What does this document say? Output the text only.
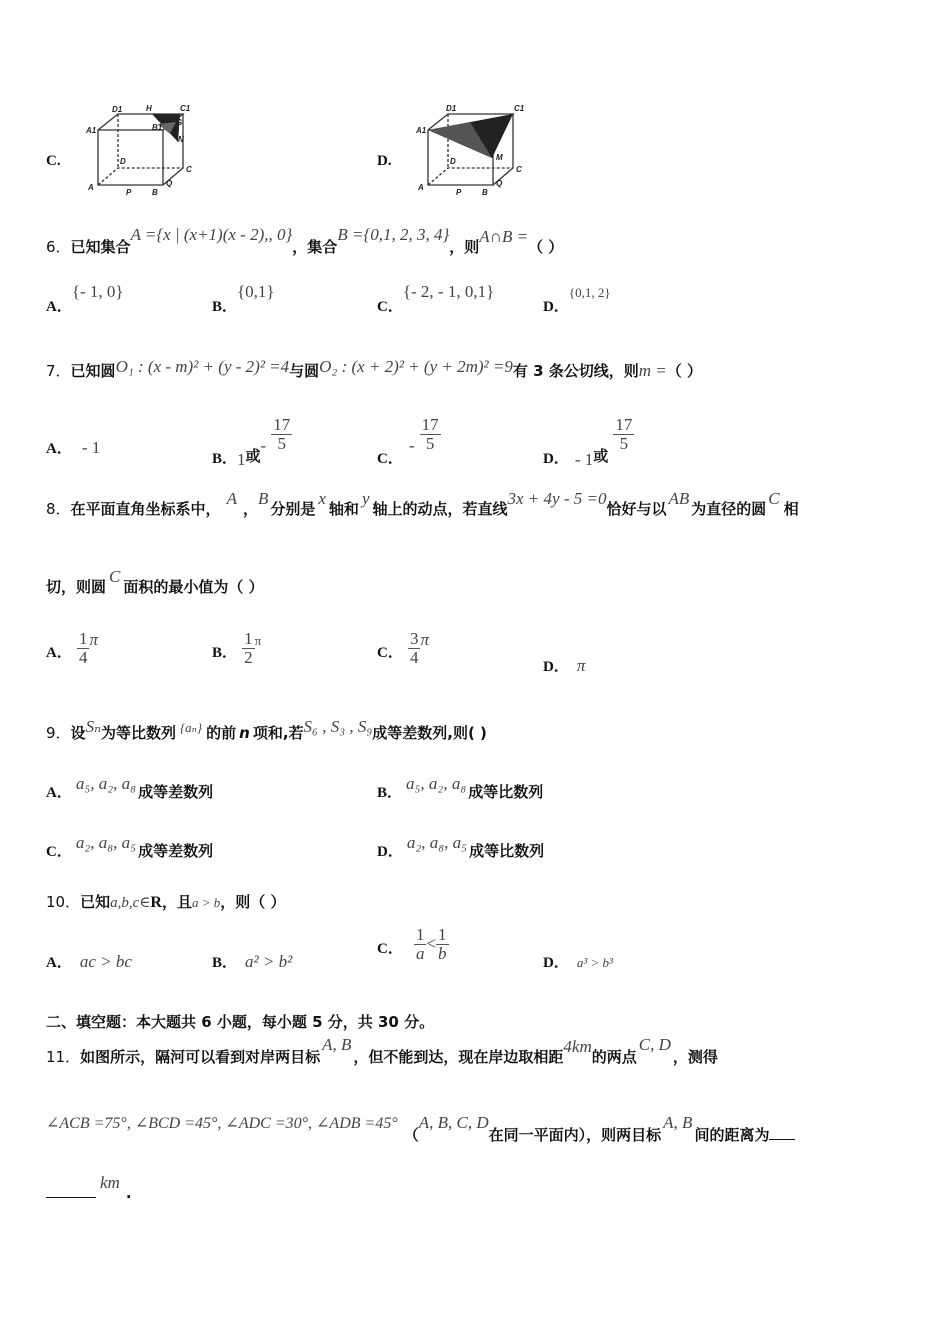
C.
D1	H	C1
A1	B1
G
N
D
C
A
P
Q
B
D.
D1	C1
A1
B1
M
D
C
A
P
Q
B
6．已知集合A ={x | (x+1)(x - 2),, 0}，集合B ={0,1, 2, 3, 4}，则A∩B =（ ）
A．{- 1, 0}
B．{0,1}
C．{- 2, - 1, 0,1}
D．$^{\{0,1, 2\}}$
7．已知圆O₁ : (x - m)² + (y - 2)² =4与圆O₂ : (x + 2)² + (y + 2m)² =9有 3 条公切线，则m =（ ）
A． - 1
B．1或- $\frac{17}{5}$
C．- $\frac{17}{5}$
D． - 1或
$\frac{17}{5}$
8．在平面直角坐标系中，A，B分别是x轴和y轴上的动点，若直线3x + 4y - 5 =0恰好与以AB为直径的圆C相
切，则圆C面积的最小值为（ ）
A． $\frac{1}{4}$ π
B． $\frac{1}{2} ^\pi$
C． $\frac{3}{4}$ π
D． π
9．设Sₙ为等比数列 $^{\{a_n\}}$ 的前 n 项和,若S₆ , S₃ , S₉成等差数列,则( )
A． a₅, a₂, a₈ 成等差数列	B． a₅, a₂, a₈ 成等比数列
C． a₂, a₈, a₅ 成等差数列	D． a₂, a₈, a₅ 成等比数列
10．已知a,b,c∈R，且a > b，则（ ）
A． ac > bc	B． a² > b²
C． $\frac{1}{a} < \frac{1}{b}$	D． a³ > b³
二、填空题：本大题共 6 小题，每小题 5 分，共 30 分。
11．如图所示，隔河可以看到对岸两目标A, B，但不能到达，现在岸边取相距4km的两点C, D，测得
∠ACB =75°, ∠BCD =45°, ∠ADC =30°, ∠ADB =45°（A, B, C, D在同一平面内），则两目标A, B间的距离为
km.
